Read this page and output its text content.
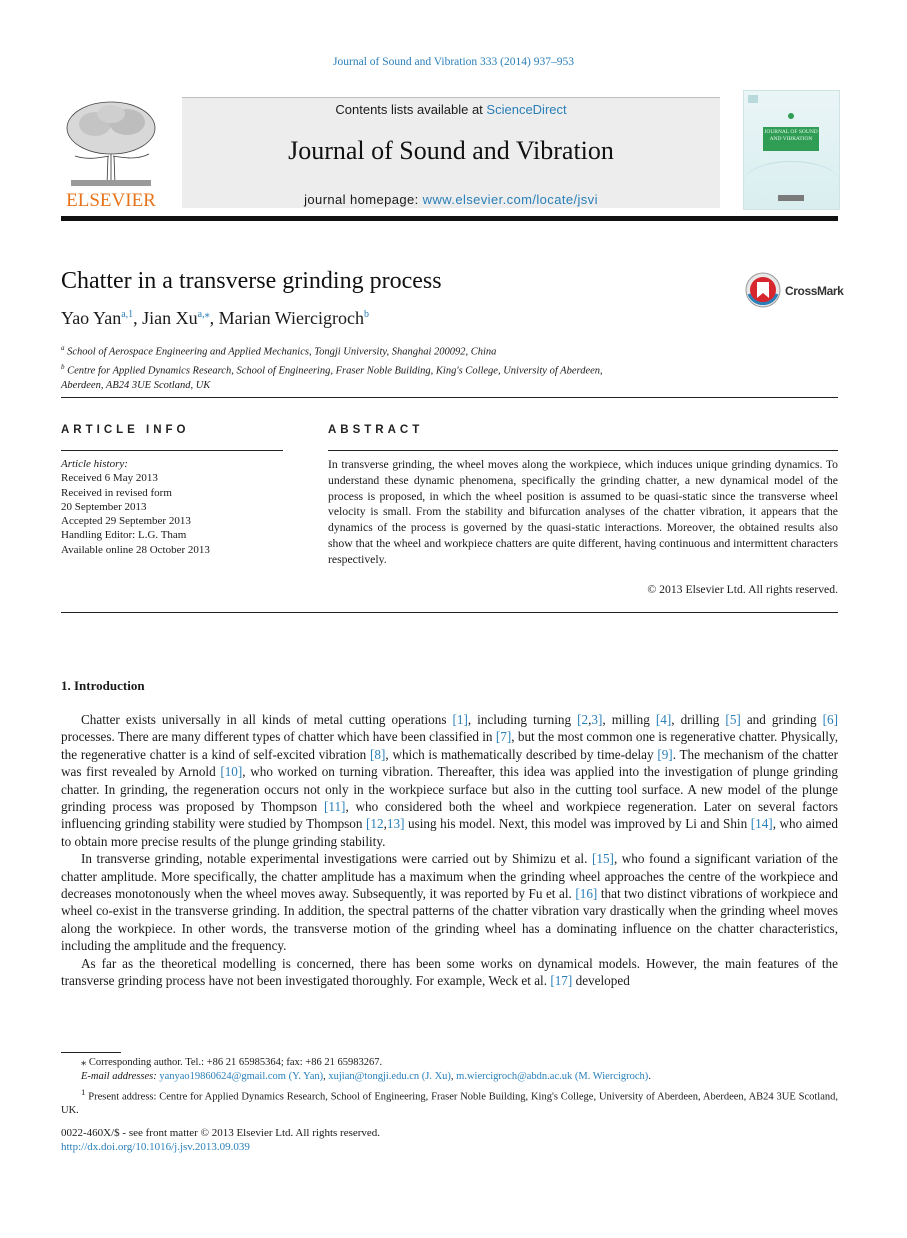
Journal of Sound and Vibration 333 (2014) 937–953
ELSEVIER
Contents lists available at ScienceDirect
Journal of Sound and Vibration
journal homepage: www.elsevier.com/locate/jsvi
JOURNAL OF SOUND AND VIBRATION
Chatter in a transverse grinding process	CrossMark
Yao Yan$^{a,1}$, Jian $Xu^{a,⁎}$, Marian Wiercigroch$^b$
$^a$ School of Aerospace Engineering and Applied Mechanics, Tongji University, Shanghai 200092, China
$^b$ Centre for Applied Dynamics Research, School of Engineering, Fraser Noble Building, King's College, University of Aberdeen,
Aberdeen, AB24 3UE Scotland, UK
ARTICLE INFO
Article history:
Received 6 May 2013
Received in revised form
20 September 2013
Accepted 29 September 2013
Handling Editor: L.G. Tham
Available online 28 October 2013
ABSTRACT
In transverse grinding, the wheel moves along the workpiece, which induces unique grinding dynamics. To understand these dynamic phenomena, specifically the grinding chatter, a new dynamical model of the process is proposed, in which the wheel position is assumed to be quasi-static since the transverse wheel velocity is small. From the stability and bifurcation analyses of the chatter vibration, it appears that the dynamics of the process is governed by the quasi-static interactions. Moreover, the obtained results also show that the wheel and workpiece chatters are quite different, having continuous and intermittent characters respectively.
© 2013 Elsevier Ltd. All rights reserved.
1. Introduction

Chatter exists universally in all kinds of metal cutting operations [1], including turning [2,3], milling [4], drilling [5] and grinding [6] processes. There are many different types of chatter which have been classified in [7], but the most common one is regenerative chatter. Physically, the regenerative chatter is a kind of self-excited vibration [8], which is mathematically described by time-delay [9]. The mechanism of the chatter was first revealed by Arnold [10], who worked on turning vibration. Thereafter, this idea was applied into the investigation of plunge grinding chatter. In grinding, the regeneration occurs not only in the workpiece surface but also in the cutting tool surface. A new model of the plunge grinding process was proposed by Thompson [11], who considered both the wheel and workpiece regeneration. Later on several factors influencing grinding stability were studied by Thompson [12,13] using his model. Next, this model was improved by Li and Shin [14], who aimed to obtain more precise results of the plunge grinding stability.

In transverse grinding, notable experimental investigations were carried out by Shimizu et al. [15], who found a significant variation of the chatter amplitude. More specifically, the chatter amplitude has a maximum when the grinding wheel approaches the centre of the workpiece and decreases monotonously when the wheel moves away. Subsequently, it was reported by Fu et al. [16] that two distinct vibrations of workpiece and wheel co-exist in the transverse grinding. In addition, the spectral patterns of the chatter vibration vary drastically when the grinding wheel moves along the workpiece. In other words, the transverse motion of the grinding wheel has a dominating influence on the chatter characteristics, including the amplitude and the frequency.

As far as the theoretical modelling is concerned, there has been some works on dynamical models. However, the main features of the transverse grinding process have not been investigated thoroughly. For example, Weck et al. [17] developed

⁎ Corresponding author. Tel.: +86 21 65985364; fax: +86 21 65983267.

E-mail addresses: yanyao19860624@gmail.com (Y. Yan), xujian@tongji.edu.cn (J. Xu), m.wiercigroch@abdn.ac.uk (M. Wiercigroch).

$^1$ Present address: Centre for Applied Dynamics Research, School of Engineering, Fraser Noble Building, King's College, University of Aberdeen, Aberdeen, AB24 3UE Scotland, UK.

0022-460X/$ - see front matter © 2013 Elsevier Ltd. All rights reserved.
http://dx.doi.org/10.1016/j.jsv.2013.09.039
